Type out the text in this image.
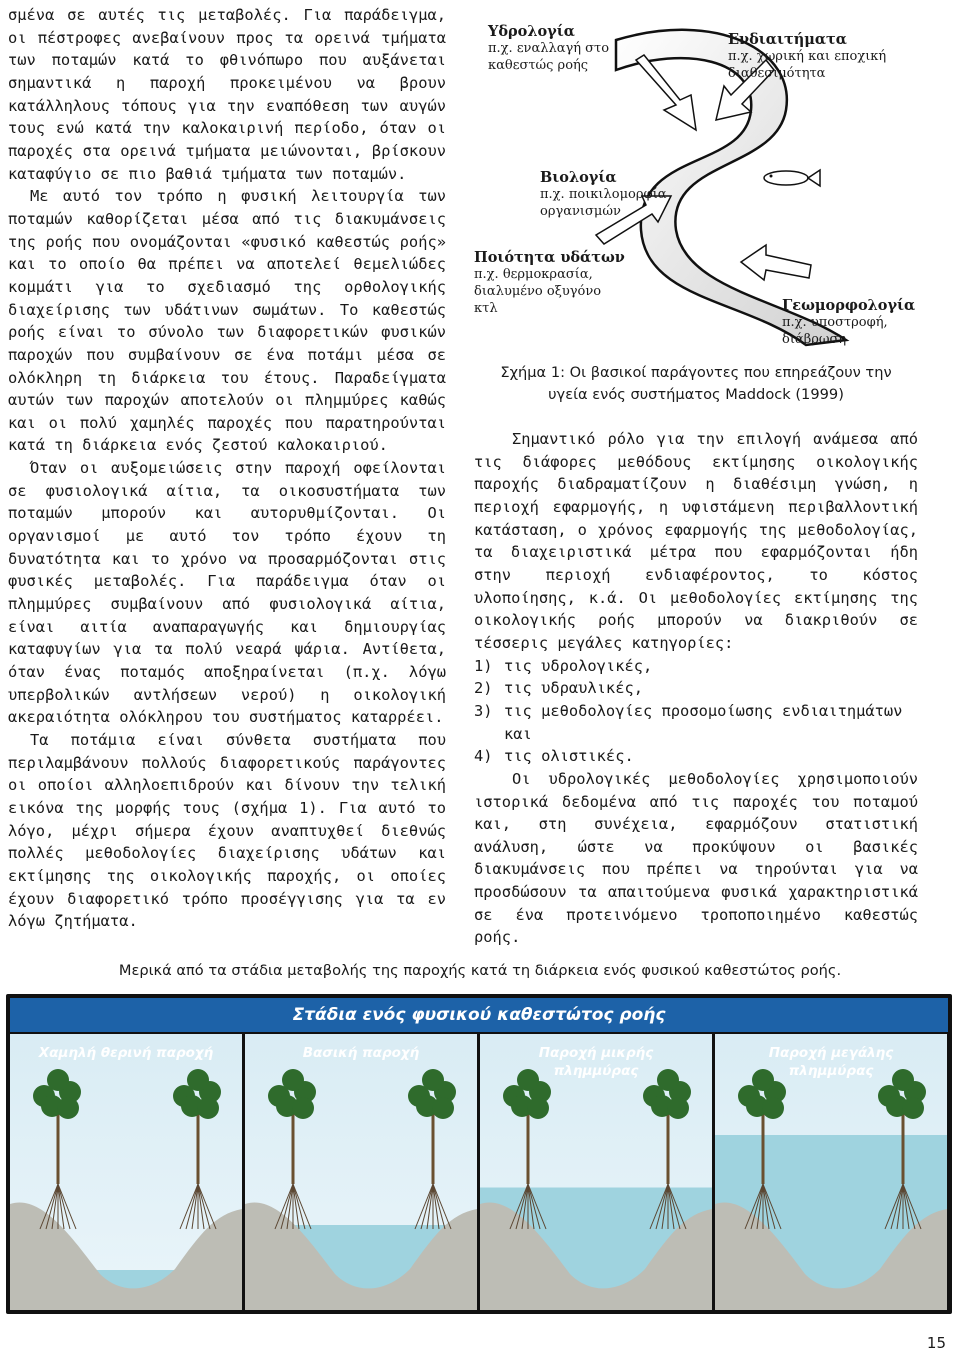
σμένα σε αυτές τις μεταβολές. Για παράδειγμα, οι πέστροφες ανεβαίνουν προς τα ορεινά τμήματα των ποταμών κατά το φθινόπωρο που αυξάνεται σημαντικά η παροχή προκειμένου να βρουν κατάλληλους τόπους για την εναπόθεση των αυγών τους ενώ κατά την καλοκαιρινή περίοδο, όταν οι παροχές στα ορεινά τμήματα μειώνονται, βρίσκουν καταφύγιο σε πιο βαθιά τμήματα των ποταμών.

Με αυτό τον τρόπο η φυσική λειτουργία των ποταμών καθορίζεται μέσα από τις διακυμάνσεις της ροής που ονομάζονται «φυσικό καθεστώς ροής» και το οποίο θα πρέπει να αποτελεί θεμελιώδες κομμάτι για το σχεδιασμό της ορθολογικής διαχείρισης των υδάτινων σωμάτων. Το καθεστώς ροής είναι το σύνολο των διαφορετικών φυσικών παροχών που συμβαίνουν σε ένα ποτάμι μέσα σε ολόκληρη τη διάρκεια του έτους. Παραδείγματα αυτών των παροχών αποτελούν οι πλημμύρες καθώς και οι πολύ χαμηλές παροχές που παρατηρούνται κατά τη διάρκεια ενός ζεστού καλοκαιριού.

Όταν οι αυξομειώσεις στην παροχή οφείλονται σε φυσιολογικά αίτια, τα οικοσυστήματα των ποταμών μπορούν και αυτορυθμίζονται. Οι οργανισμοί με αυτό τον τρόπο έχουν τη δυνατότητα και το χρόνο να προσαρμόζονται στις φυσικές μεταβολές. Για παράδειγμα όταν οι πλημμύρες συμβαίνουν από φυσιολογικά αίτια, είναι αιτία αναπαραγωγής και δημιουργίας καταφυγίων για τα πολύ νεαρά ψάρια. Αντίθετα, όταν ένας ποταμός αποξηραίνεται (π.χ. λόγω υπερβολικών αντλήσεων νερού) η οικολογική ακεραιότητα ολόκληρου του συστήματος καταρρέει.

Τα ποτάμια είναι σύνθετα συστήματα που περιλαμβάνουν πολλούς διαφορετικούς παράγοντες οι οποίοι αλληλοεπιδρούν και δίνουν την τελική εικόνα της μορφής τους (σχήμα 1). Για αυτό το λόγο, μέχρι σήμερα έχουν αναπτυχθεί διεθνώς πολλές μεθοδολογίες διαχείρισης υδάτων και εκτίμησης της οικολογικής παροχής, οι οποίες έχουν διαφορετικό τρόπο προσέγγισης για τα εν λόγω ζητήματα.

Υδρολογία
π.χ. εναλλαγή στο
καθεστώς ροής

Ενδιαιτήματα
π.χ. χωρική και εποχική
διαθεσιμότητα

Βιολογία
π.χ. ποικιλομορφία
οργανισμών

Ποιότητα υδάτων
π.χ. θερμοκρασία,
διαλυμένο οξυγόνο
κτλ	Γεωμορφολογία
π.χ. υποστροφή,
διάβρωση

Σχήμα 1: Οι βασικοί παράγοντες που επηρεάζουν την
υγεία ενός συστήματος Maddock (1999)

Σημαντικό ρόλο για την επιλογή ανάμεσα από τις διάφορες μεθόδους εκτίμησης οικολογικής παροχής διαδραματίζουν η διαθέσιμη γνώση, η περιοχή εφαρμογής, η υφιστάμενη περιβαλλοντική κατάσταση, ο χρόνος εφαρμογής της μεθοδολογίας, τα διαχειριστικά μέτρα που εφαρμόζονται ήδη στην περιοχή ενδιαφέροντος, το κόστος υλοποίησης, κ.ά. Οι μεθοδολογίες εκτίμησης της οικολογικής ροής μπορούν να διακριθούν σε τέσσερις μεγάλες κατηγορίες:

1) τις υδρολογικές,
2) τις υδραυλικές,
3) τις μεθοδολογίες προσομοίωσης ενδιαιτημάτων και
4) τις ολιστικές.

Οι υδρολογικές μεθοδολογίες χρησιμοποιούν ιστορικά δεδομένα από τις παροχές του ποταμού και, στη συνέχεια, εφαρμόζουν στατιστική ανάλυση, ώστε να προκύψουν οι βασικές διακυμάνσεις που πρέπει να τηρούνται για να προσδώσουν τα απαιτούμενα φυσικά χαρακτηριστικά σε ένα προτεινόμενο τροποποιημένο καθεστώς ροής.

Μερικά από τα στάδια μεταβολής της παροχής κατά τη διάρκεια ενός φυσικού καθεστώτος ροής.
Στάδια ενός φυσικού καθεστώτος ροής
Χαμηλή θερινή παροχή	Βασική παροχή	Παροχή μικρής
πλημμύρας
Παροχή μεγάλης
πλημμύρας
15
